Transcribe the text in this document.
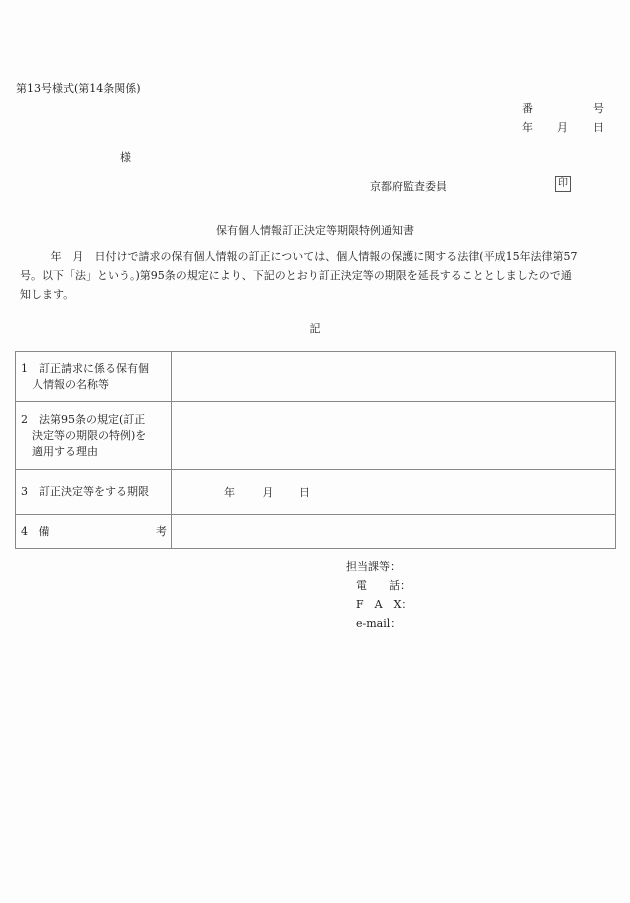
第13号様式(第14条関係)
番	号
年 月 日
様
京都府監査委員	印
保有個人情報訂正決定等期限特例通知書
　　 年　月　日付けで請求の保有個人情報の訂正については、個人情報の保護に関する法律(平成15年法律第57
号。以下「法」という。)第95条の規定により、下記のとおり訂正決定等の期限を延長することとしましたので通
知します。
記
1　訂正請求に係る保有個
　人情報の名称等	

2　法第95条の規定(訂正
　決定等の期限の特例)を
　適用する理由	

3　訂正決定等をする期限	年 月 日

4 備 考	

担当課等：
電　　話：
F　A　X：
e-mail：
